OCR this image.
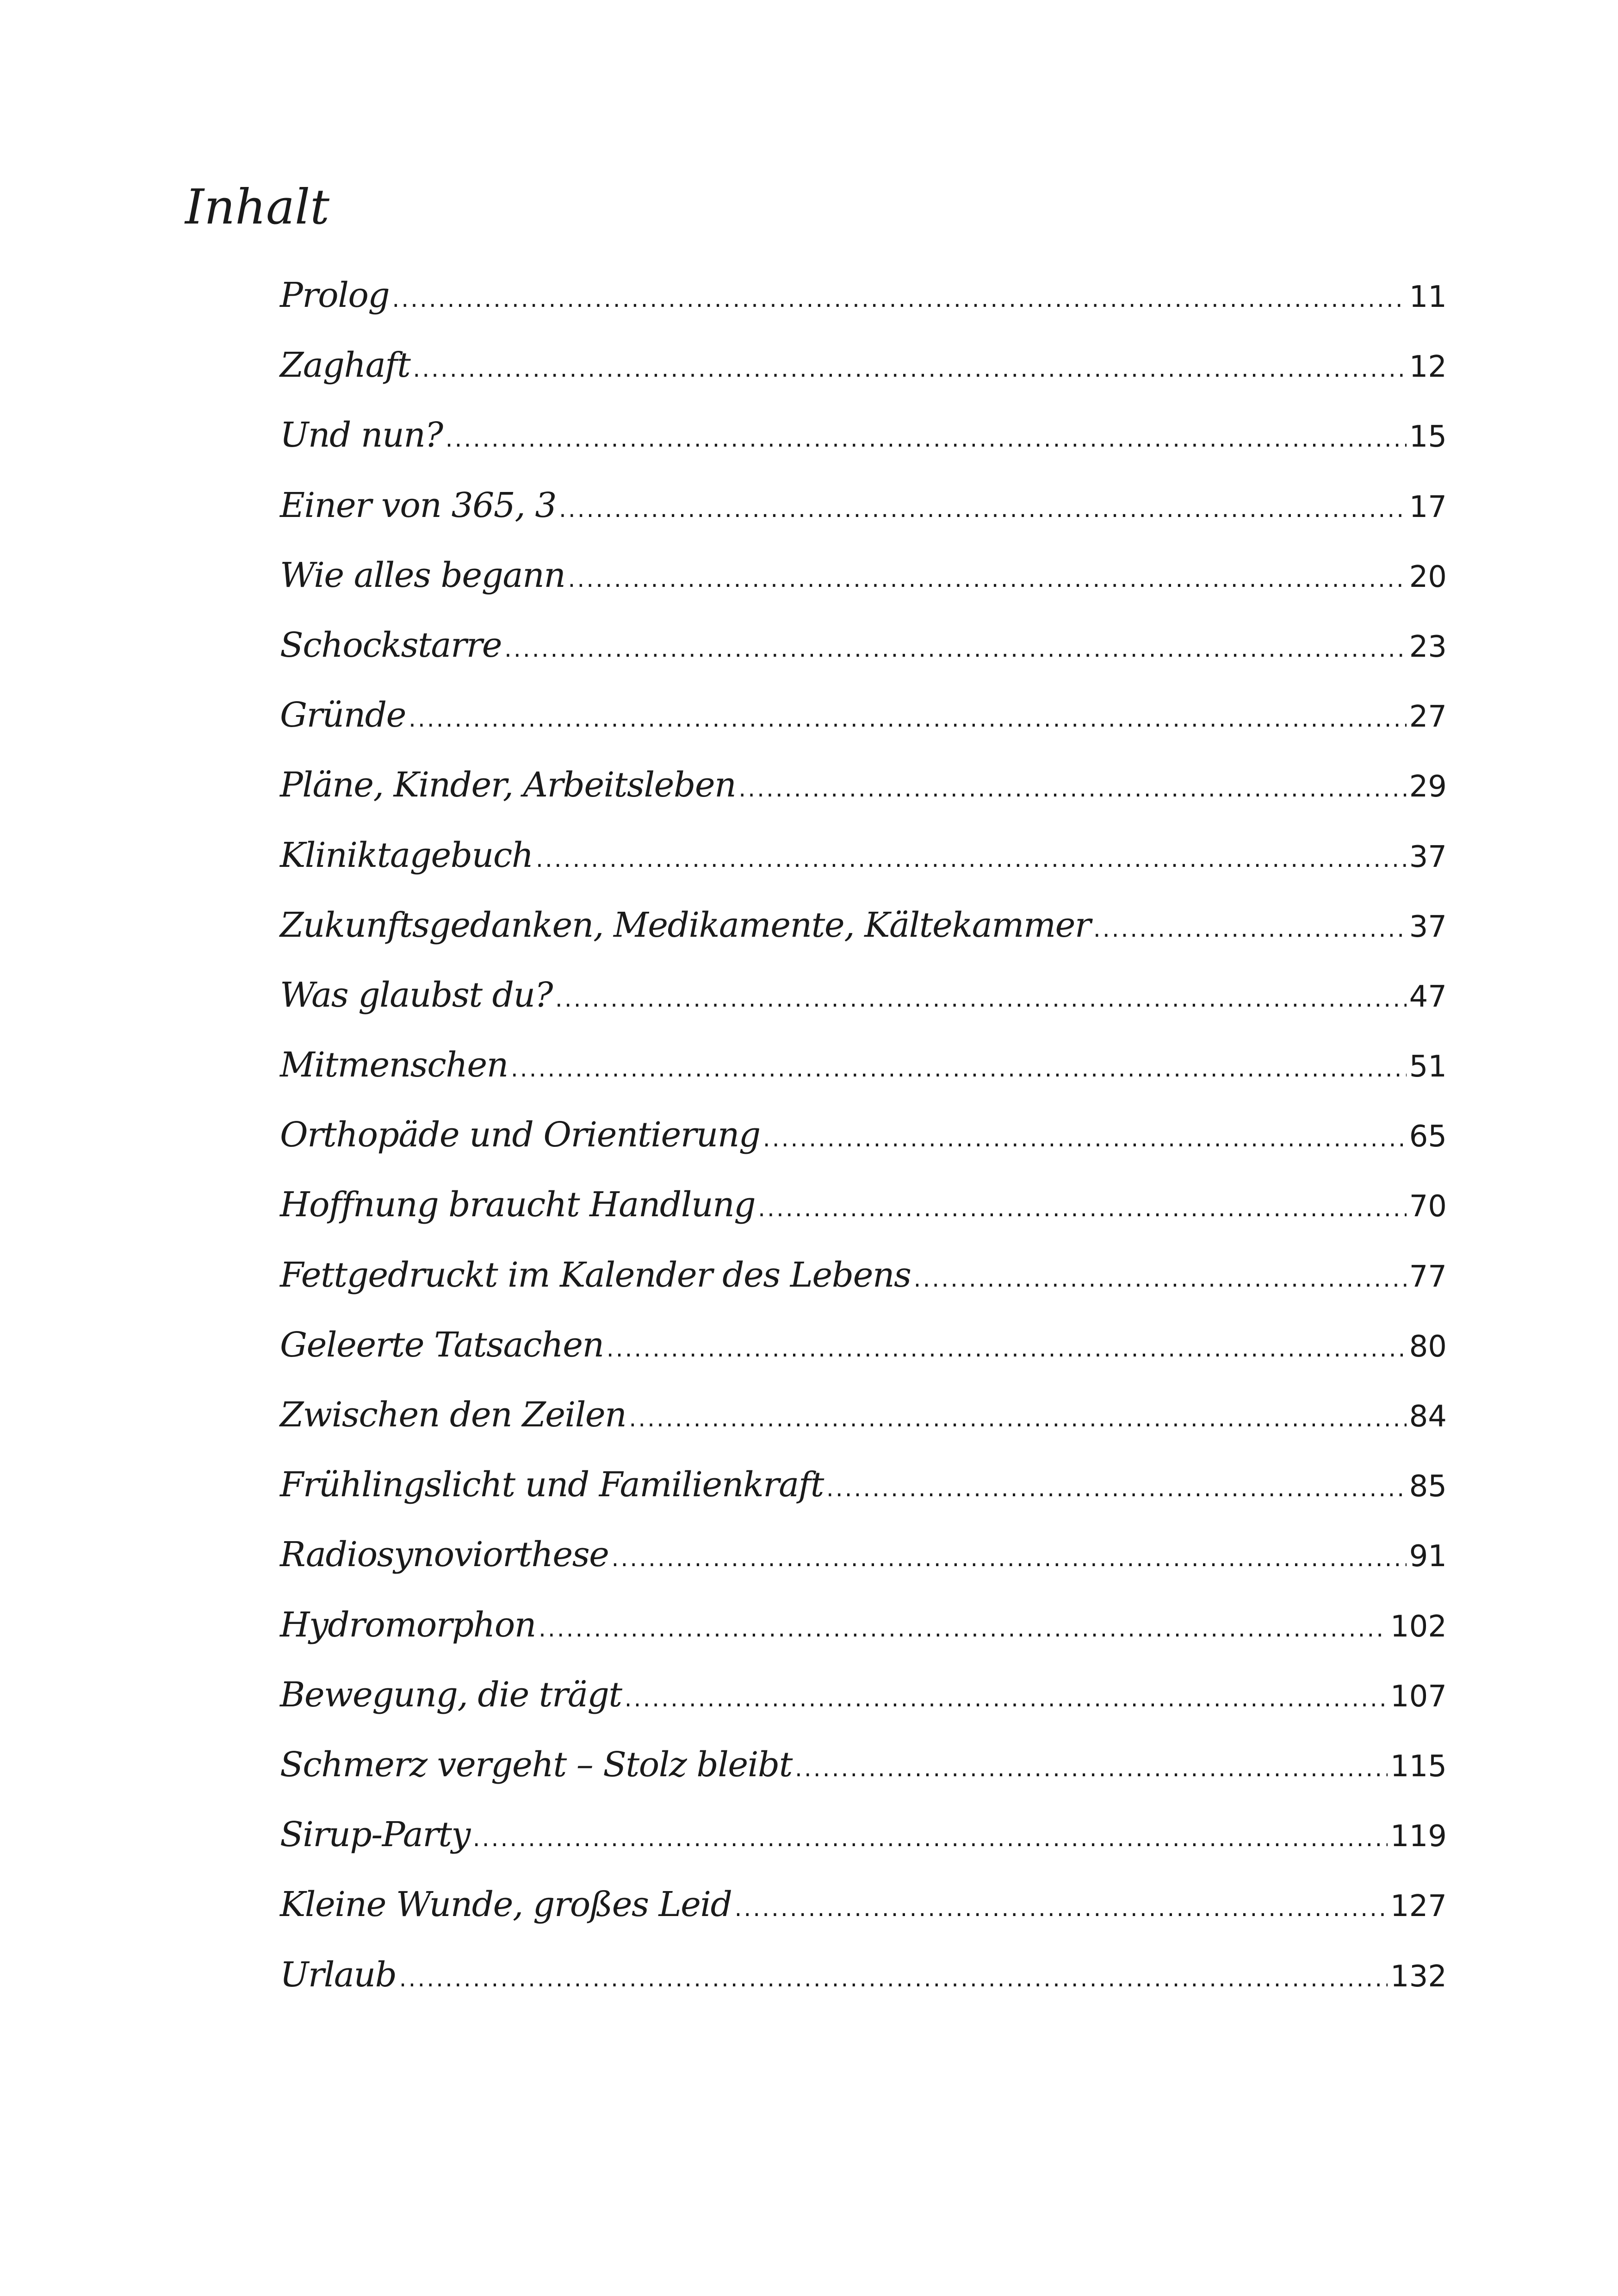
Inhalt
Prolog .....	11
Zaghaft .....	12
Und nun? .....	15
Einer von 365, 3 .....	17
Wie alles begann .....	20
Schockstarre .....	23
Gründe .....	27
Pläne, Kinder, Arbeitsleben .....	29
Kliniktagebuch .....	37
Zukunftsgedanken, Medikamente, Kältekammer .....	37
Was glaubst du? .....	47
Mitmenschen .....	51
Orthopäde und Orientierung .....	65
Hoffnung braucht Handlung .....	70
Fettgedruckt im Kalender des Lebens .....	77
Geleerte Tatsachen .....	80
Zwischen den Zeilen .....	84
Frühlingslicht und Familienkraft .....	85
Radiosynoviorthese .....	91
Hydromorphon .....	102
Bewegung, die trägt .....	107
Schmerz vergeht – Stolz bleibt .....	115
Sirup-Party .....	119
Kleine Wunde, großes Leid .....	127
Urlaub .....	132
